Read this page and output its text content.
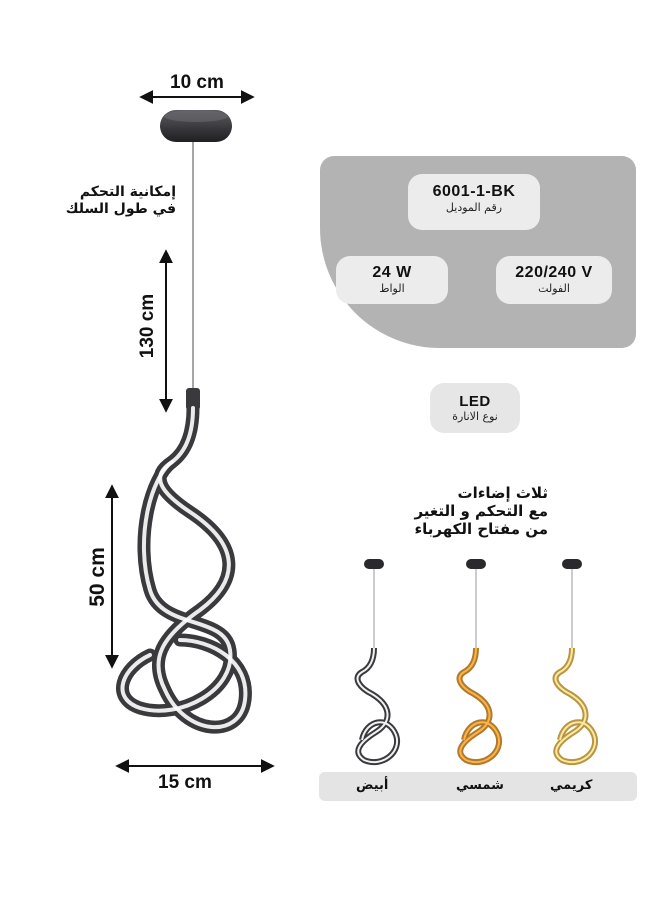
10 cm
130 cm
50 cm
15 cm
إمكانية التحكم
في طول السلك
6001-1-BK
رقم الموديل
24 W
الواط
220/240 V
الفولت
LED
نوع الانارة
ثلاث إضاءات
مع التحكم و التغير
من مفتاح الكهرباء
أبيض	شمسي	كريمي
